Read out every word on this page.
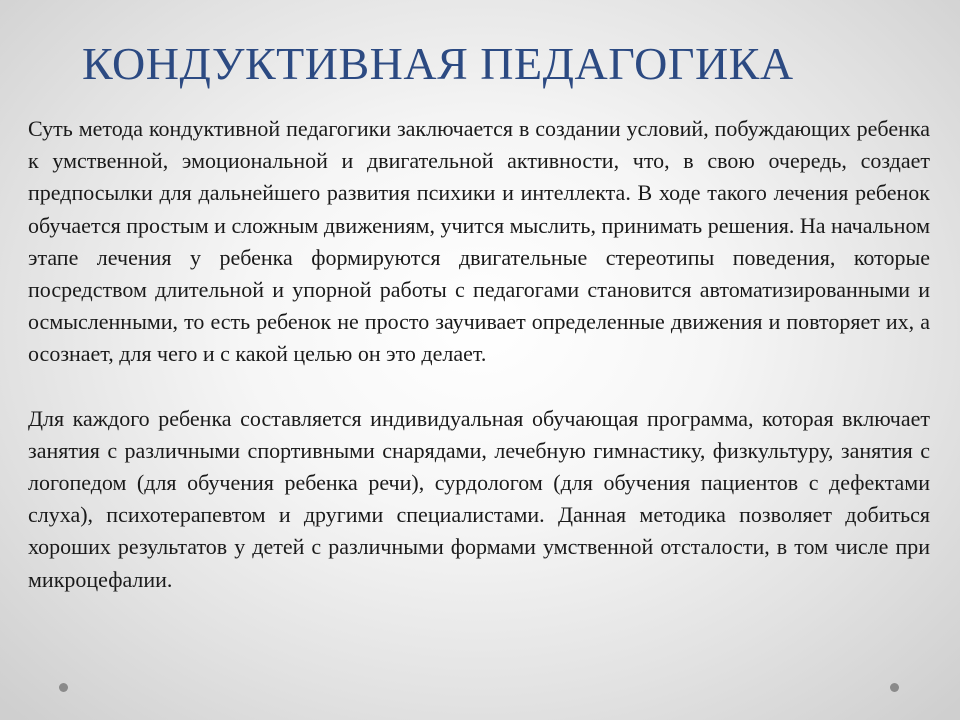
КОНДУКТИВНАЯ ПЕДАГОГИКА

Суть метода кондуктивной педагогики заключается в создании условий, побуждающих ребенка к умственной, эмоциональной и двигательной активности, что, в свою очередь, создает предпосылки для дальнейшего развития психики и интеллекта. В ходе такого лечения ребенок обучается простым и сложным движениям, учится мыслить, принимать решения. На начальном этапе лечения у ребенка формируются двигательные стереотипы поведения, которые посредством длительной и упорной работы с педагогами становится автоматизированными и осмысленными, то есть ребенок не просто заучивает определенные движения и повторяет их, а осознает, для чего и с какой целью он это делает.

Для каждого ребенка составляется индивидуальная обучающая программа, которая включает занятия с различными спортивными снарядами, лечебную гимнастику, физкультуру, занятия с логопедом (для обучения ребенка речи), сурдологом (для обучения пациентов с дефектами слуха), психотерапевтом и другими специалистами. Данная методика позволяет добиться хороших результатов у детей с различными формами умственной отсталости, в том числе при микроцефалии.
